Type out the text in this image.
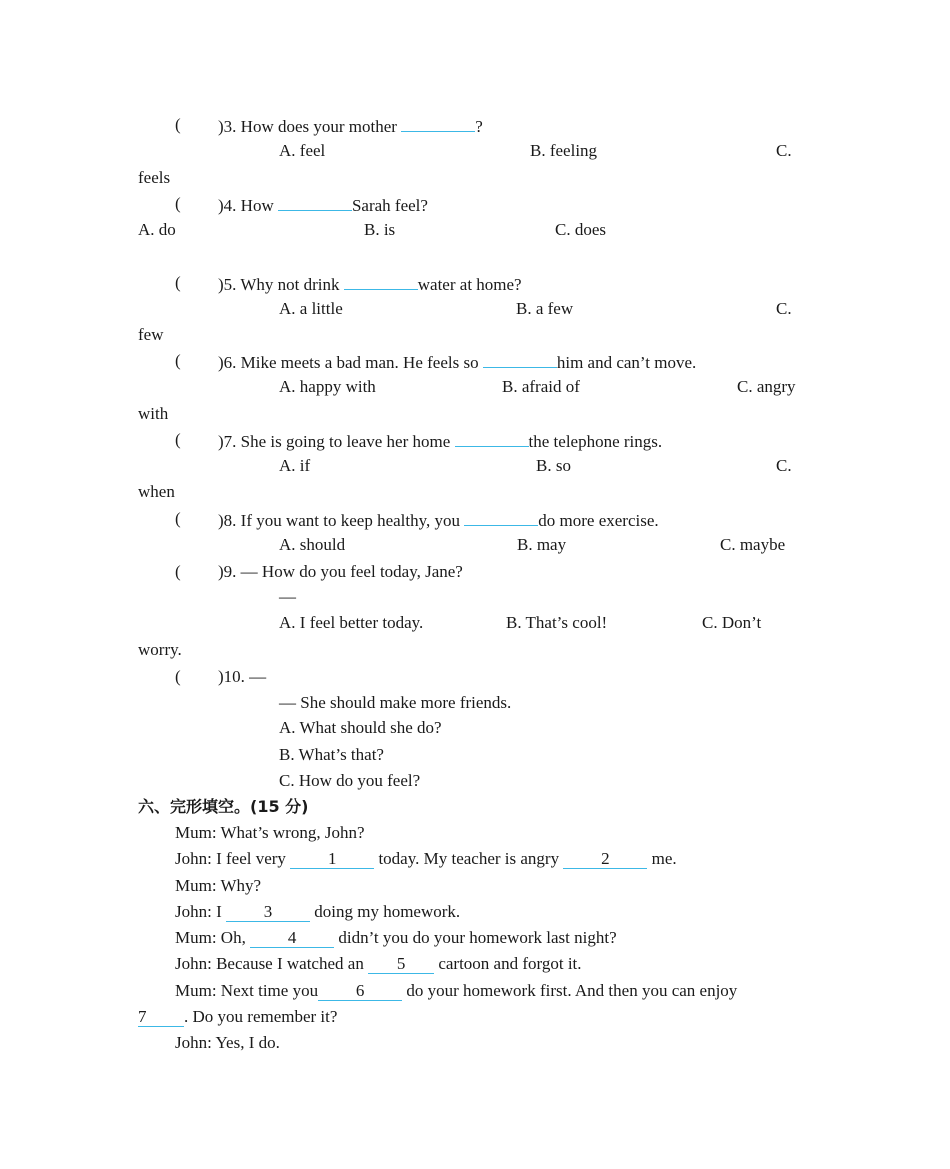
( )3. How does your mother	?
A. feel	B. feeling	C.
feels
( )4. How	Sarah feel?
A. do	B. is	C. does
( )5. Why not drink	water at home?
A. a little	B. a few	C.
few
( )6. Mike meets a bad man. He feels so	him and can’t move.
A. happy with	B. afraid of	C. angry
with
( )7. She is going to leave her home	the telephone rings.
A. if	B. so	C.
when
( )8. If you want to keep healthy, you	do more exercise.
A. should	B. may	C. maybe
( )9. — How do you feel today, Jane?
—
A. I feel better today.	B. That’s cool!	C. Don’t
worry.
( )10. —
— She should make more friends.
A. What should she do?
B. What’s that?
C. How do you feel?
六、完形填空。(15 分)
Mum: What’s wrong, John?
John: I feel very 1 today. My teacher is angry 2 me.
Mum: Why?
John: I 3 doing my homework.
Mum: Oh, 4 didn’t you do your homework last night?
John: Because I watched an 5 cartoon and forgot it.
Mum: Next time you 6 do your homework first. And then you can enjoy
7 . Do you remember it?
John: Yes, I do.
